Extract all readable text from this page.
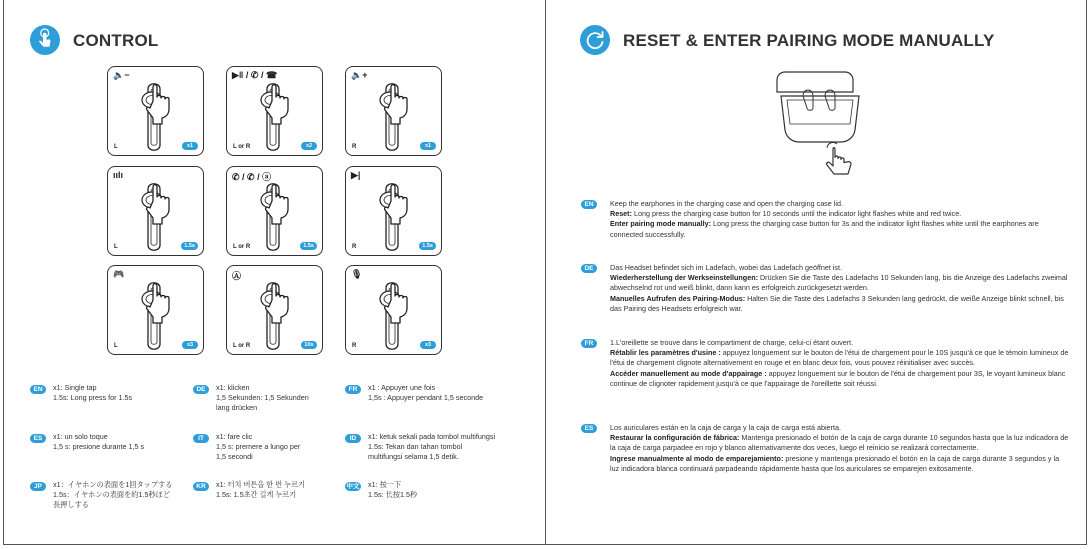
CONTROL
🔈−
L	x1
▶‖ / ✆ / ☎
L or R	x2
🔈+
R	x1
ıılı
L	1.5s
✆ / ✆ / ⓐ
L or R	1.5s
▶|
R	1.5s
🎮
L	x3
Ⓐ
L or R	10s
🎙
R	x3
EN	x1: Single tap
1.5s: Long press for 1.5s
DE	x1: klicken
1,5 Sekunden: 1,5 Sekunden
lang drücken
FR	x1 : Appuyer une fois
1,5s : Appuyer pendant 1,5 seconde
ES	x1: un solo toque
1,5 s: presione durante 1,5 s
IT	x1: fare clic
1,5 s: premere a lungo per
1,5 secondi
ID	x1: ketuk sekali pada tombol multifungsi
1.5s: Tekan dan tahan tombol
multifungsi selama 1,5 detik.
JP	x1：イヤホンの表面を1回タップする
1.5s：イヤホンの表面を約1.5秒ほど
長押しする
KR	x1: 터치 버튼을 한 번 누르기
1.5s: 1.5초간 길게 누르기
中文 x1: 按一下
1.5s: 长按1.5秒
RESET & ENTER PAIRING MODE MANUALLY
EN	Keep the earphones in the charging case and open the charging case lid.
Reset: Long press the charging case button for 10 seconds until the indicator light flashes white and red twice.
Enter pairing mode manually: Long press the charging case button for 3s and the indicator light flashes white until the earphones are connected successfully.
DE	Das Headset befindet sich im Ladefach, wobei das Ladefach geöffnet ist.
Wiederherstellung der Werkseinstellungen: Drücken Sie die Taste des Ladefachs 10 Sekunden lang, bis die Anzeige des Ladefachs zweimal abwechselnd rot und weiß blinkt, dann kann es erfolgreich zurückgesetzt werden.
Manuelles Aufrufen des Pairing-Modus: Halten Sie die Taste des Ladefachs 3 Sekunden lang gedrückt, die weiße Anzeige blinkt schnell, bis das Pairing des Headsets erfolgreich war.
FR	1.L'oreillette se trouve dans le compartiment de charge, celui-ci étant ouvert.
Rétablir les paramètres d'usine : appuyez longuement sur le bouton de l'étui de chargement pour le 10S jusqu'à ce que le témoin lumineux de l'étui de chargement clignote alternativement en rouge et en blanc deux fois, vous pouvez réinitialiser avec succès.
Accéder manuellement au mode d'appairage : appuyez longuement sur le bouton de l'étui de chargement pour 3S, le voyant lumineux blanc continue de clignoter rapidement jusqu'à ce que l'appairage de l'oreillette soit réussi.
ES	Los auriculares están en la caja de carga y la caja de carga está abierta.
Restaurar la configuración de fábrica: Mantenga presionado el botón de la caja de carga durante 10 segundos hasta que la luz indicadora de la caja de carga parpadee en rojo y blanco alternativamente dos veces, luego el reinicio se realizará correctamente.
Ingrese manualmente al modo de emparejamiento: presione y mantenga presionado el botón en la caja de carga durante 3 segundos y la luz indicadora blanca continuará parpadeando rápidamente hasta que los auriculares se emparejen exitosamente.
